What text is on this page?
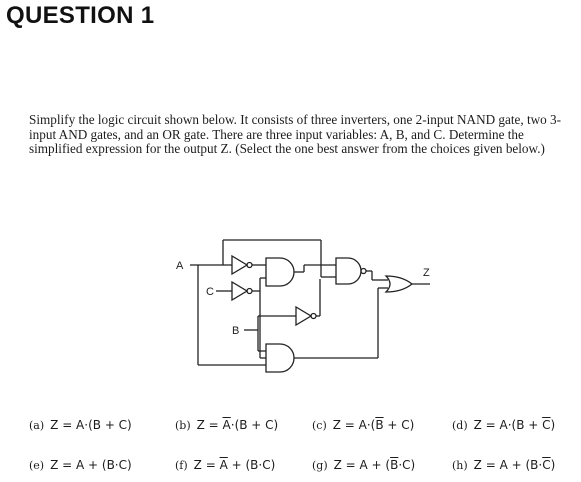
QUESTION 1

Simplify the logic circuit shown below. It consists of three inverters, one 2-input NAND gate, two 3-input AND gates, and an OR gate. There are three input variables: A, B, and C. Determine the simplified expression for the output Z. (Select the one best answer from the choices given below.)

A
C
B
Z
(a) Z = A·(B + C)	(b) $Z = \overline{A}\cdot(B + C)$	(c) $Z = A\cdot(\overline{B} + C)$	(d) $Z = A\cdot(B + \overline{C})$
(e) Z = A + (B·C)	(f) $Z = \overline{A} + (B\cdot C)$	(g) $Z = A + (\overline{B}\cdot C)$	(h) $Z = A + (B\cdot\overline{C})$
